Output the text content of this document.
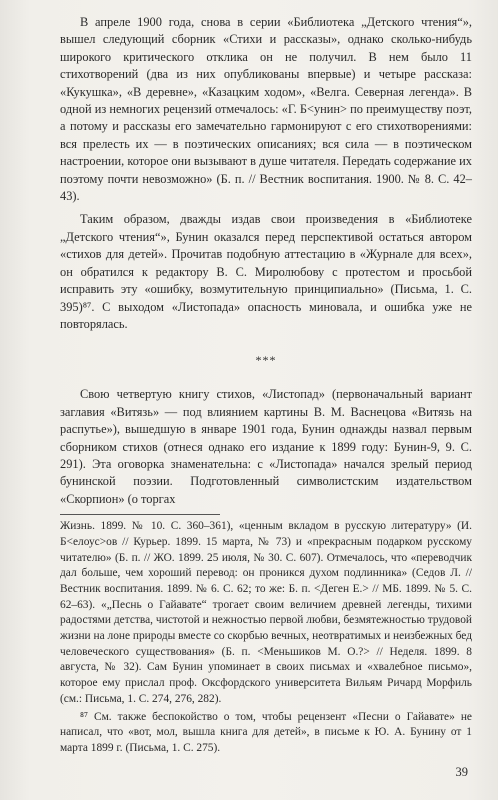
В апреле 1900 года, снова в серии «Библиотека „Детского чтения“», вышел следующий сборник «Стихи и рассказы», однако сколько-нибудь широкого критического отклика он не получил. В нем было 11 стихотворений (два из них опубликованы впервые) и четыре рассказа: «Кукушка», «В деревне», «Казацким ходом», «Велга. Северная легенда». В одной из немногих рецензий отмечалось: «Г. Б<унин> по преимуществу поэт, а потому и рассказы его замечательно гармонируют с его стихотворениями: вся прелесть их — в поэтических описаниях; вся сила — в поэтическом настроении, которое они вызывают в душе читателя. Передать содержание их поэтому почти невозможно» (Б. п. // Вестник воспитания. 1900. № 8. С. 42–43).

Таким образом, дважды издав свои произведения в «Библиотеке „Детского чтения“», Бунин оказался перед перспективой остаться автором «стихов для детей». Прочитав подобную аттестацию в «Журнале для всех», он обратился к редактору В. С. Миролюбову с протестом и просьбой исправить эту «ошибку, возмутительную принципиально» (Письма, 1. С. 395)⁸⁷. С выходом «Листопада» опасность миновала, и ошибка уже не повторялась.

***

Свою четвертую книгу стихов, «Листопад» (первоначальный вариант заглавия «Витязь» — под влиянием картины В. М. Васнецова «Витязь на распутье»), вышедшую в январе 1901 года, Бунин однажды назвал первым сборником стихов (отнеся однако его издание к 1899 году: Бунин-9, 9. С. 291). Эта оговорка знаменательна: с «Листопада» начался зрелый период бунинской поэзии. Подготовленный символистским издательством «Скорпион» (о торгах

Жизнь. 1899. № 10. С. 360–361), «ценным вкладом в русскую литературу» (И. Б<елоус>ов // Курьер. 1899. 15 марта, № 73) и «прекрасным подарком русскому читателю» (Б. п. // ЖО. 1899. 25 июля, № 30. С. 607). Отмечалось, что «переводчик дал больше, чем хороший перевод: он проникся духом подлинника» (Седов Л. // Вестник воспитания. 1899. № 6. С. 62; то же: Б. п. <Деген Е.> // МБ. 1899. № 5. С. 62–63). «„Песнь о Гайавате“ трогает своим величием древней легенды, тихими радостями детства, чистотой и нежностью первой любви, безмятежностью трудовой жизни на лоне природы вместе со скорбью вечных, неотвратимых и неизбежных бед человеческого существования» (Б. п. <Меньшиков М. О.?> // Неделя. 1899. 8 августа, № 32). Сам Бунин упоминает в своих письмах и «хвалебное письмо», которое ему прислал проф. Оксфордского университета Вильям Ричард Морфиль (см.: Письма, 1. С. 274, 276, 282).

⁸⁷ См. также беспокойство о том, чтобы рецензент «Песни о Гайавате» не написал, что «вот, мол, вышла книга для детей», в письме к Ю. А. Бунину от 1 марта 1899 г. (Письма, 1. С. 275).

39
